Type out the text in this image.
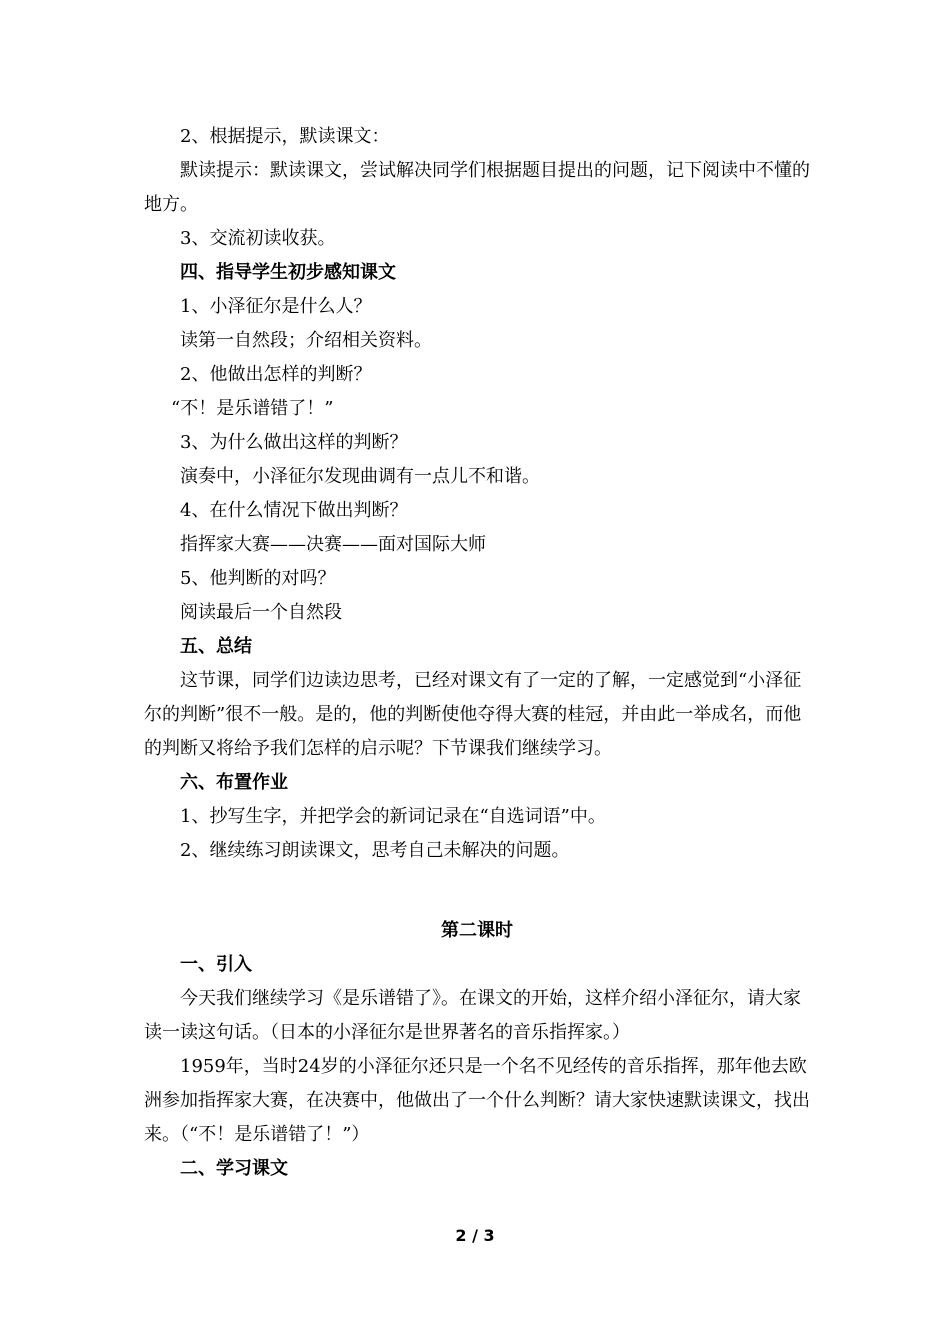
2、根据提示，默读课文：

默读提示：默读课文，尝试解决同学们根据题目提出的问题，记下阅读中不懂的地方。

3、交流初读收获。

四、指导学生初步感知课文

1、小泽征尔是什么人？

读第一自然段；介绍相关资料。

2、他做出怎样的判断？

“不！是乐谱错了！”

3、为什么做出这样的判断？

演奏中，小泽征尔发现曲调有一点儿不和谐。

4、在什么情况下做出判断？

指挥家大赛——决赛——面对国际大师

5、他判断的对吗？

阅读最后一个自然段

五、总结

这节课，同学们边读边思考，已经对课文有了一定的了解，一定感觉到“小泽征尔的判断”很不一般。是的，他的判断使他夺得大赛的桂冠，并由此一举成名，而他的判断又将给予我们怎样的启示呢？下节课我们继续学习。

六、布置作业

1、抄写生字，并把学会的新词记录在“自选词语”中。

2、继续练习朗读课文，思考自己未解决的问题。

第二课时

一、引入

今天我们继续学习《是乐谱错了》。在课文的开始，这样介绍小泽征尔，请大家读一读这句话。（日本的小泽征尔是世界著名的音乐指挥家。）

1959年，当时24岁的小泽征尔还只是一个名不见经传的音乐指挥，那年他去欧洲参加指挥家大赛，在决赛中，他做出了一个什么判断？请大家快速默读课文，找出来。（“不！是乐谱错了！”）

二、学习课文

2 / 3
